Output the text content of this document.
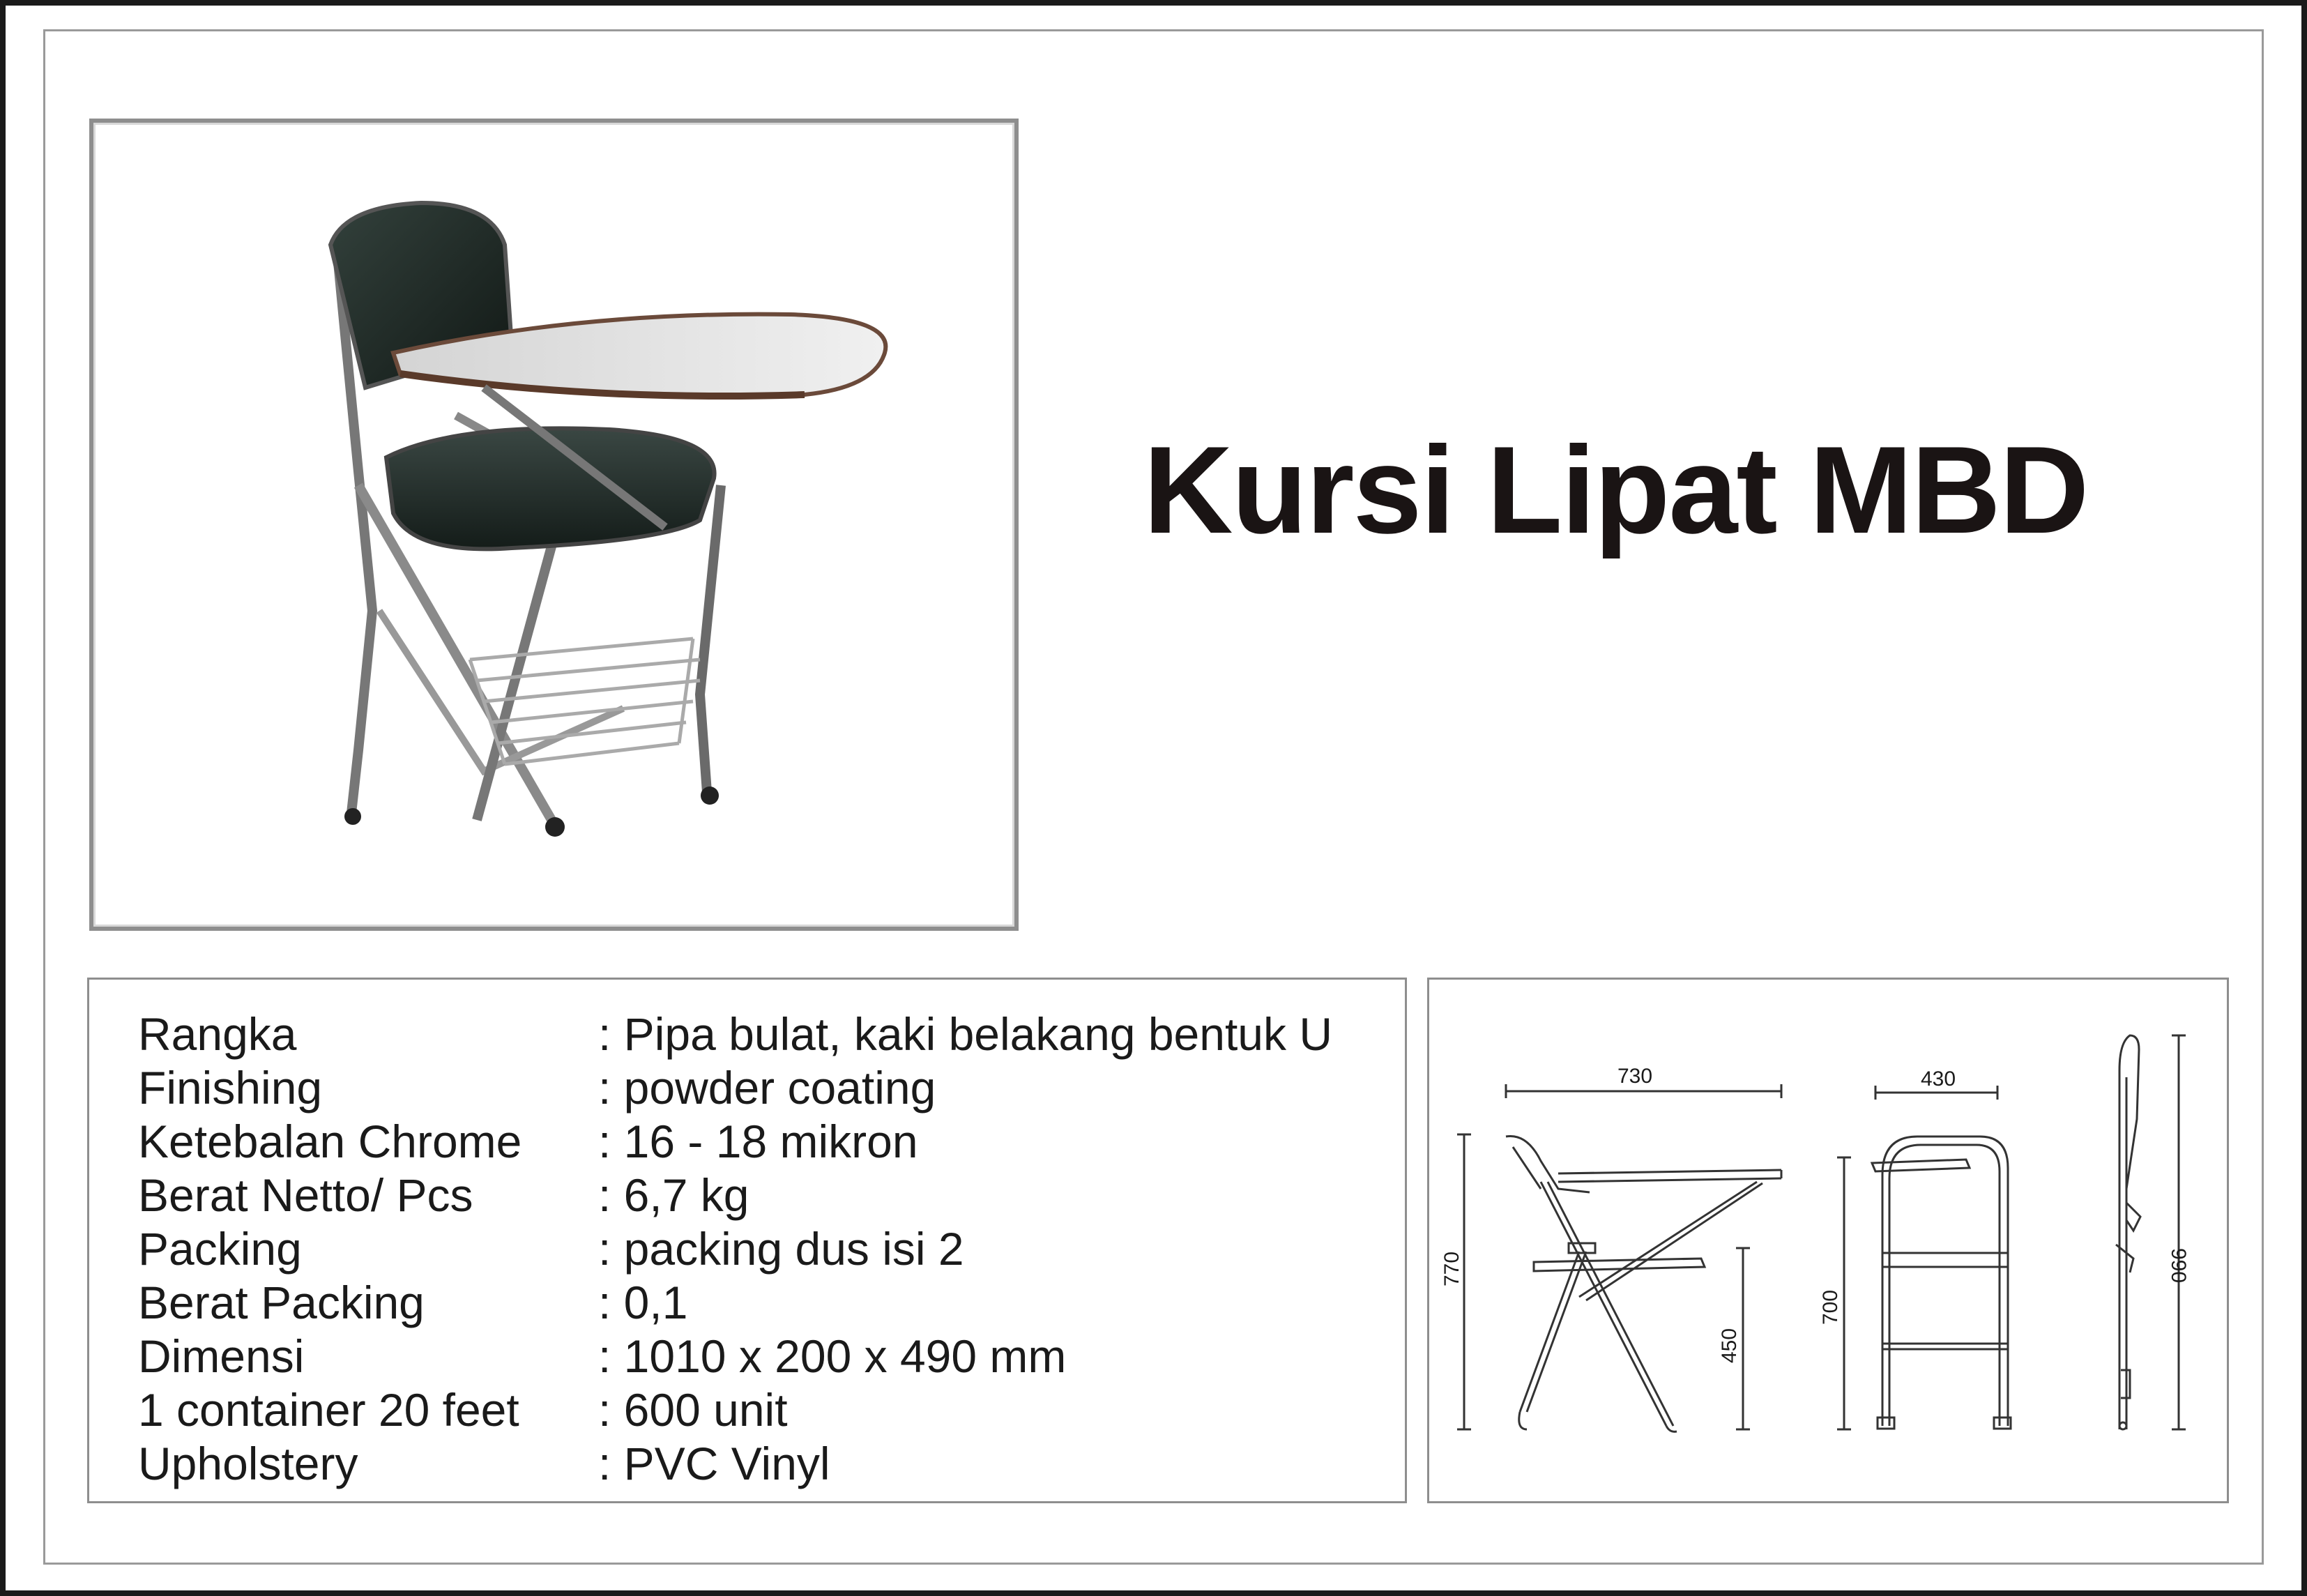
Kursi Lipat MBD
Rangka	: Pipa bulat, kaki belakang bentuk U
Finishing	: powder coating
Ketebalan Chrome : 16 - 18 mikron
Berat Netto/ Pcs	: 6,7 kg
Packing	: packing dus isi 2
Berat Packing	: 0,1
Dimensi	: 1010 x 200 x 490 mm
1 container 20 feet : 600 unit
Upholstery	: PVC Vinyl
730
770
450
430
700
990
